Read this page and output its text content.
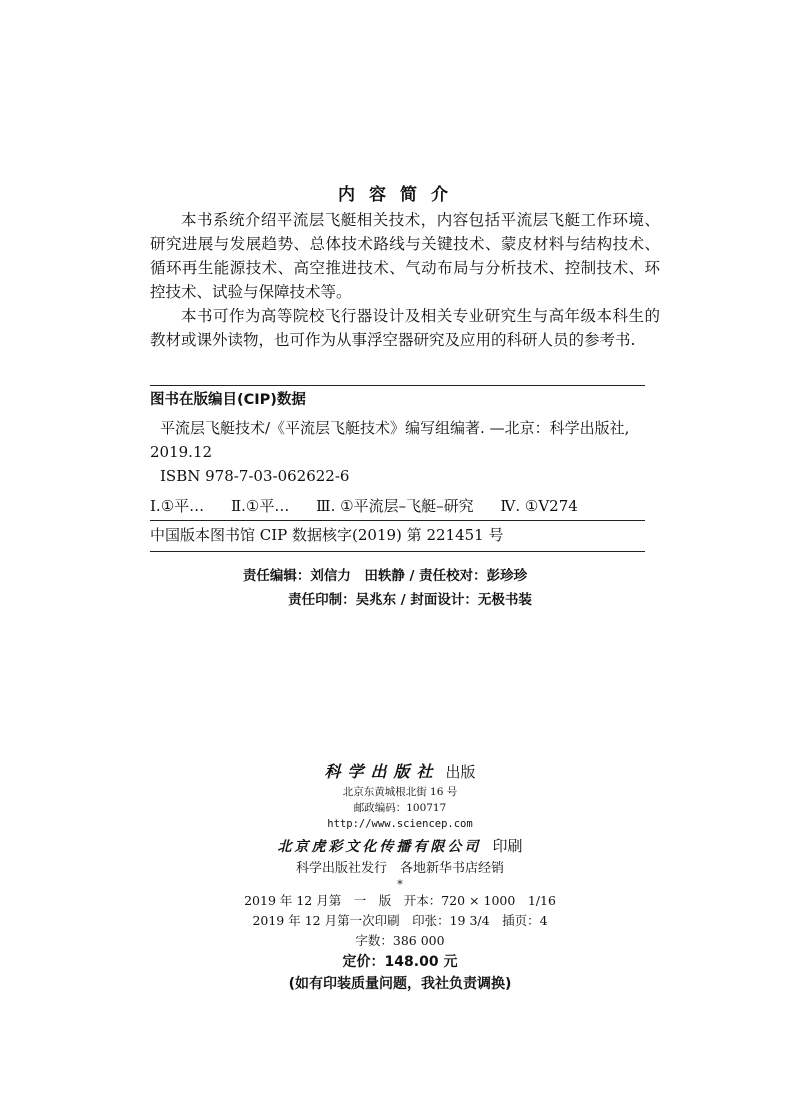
内容简介

本书系统介绍平流层飞艇相关技术，内容包括平流层飞艇工作环境、研究进展与发展趋势、总体技术路线与关键技术、蒙皮材料与结构技术、循环再生能源技术、高空推进技术、气动布局与分析技术、控制技术、环控技术、试验与保障技术等。

本书可作为高等院校飞行器设计及相关专业研究生与高年级本科生的教材或课外读物，也可作为从事浮空器研究及应用的科研人员的参考书.

图书在版编目(CIP)数据
平流层飞艇技术/《平流层飞艇技术》编写组编著. —北京：科学出版社,
2019.12
ISBN 978-7-03-062622-6
Ⅰ.①平… Ⅱ.①平… Ⅲ. ①平流层–飞艇–研究 Ⅳ. ①V274
中国版本图书馆 CIP 数据核字(2019) 第 221451 号
责任编辑：刘信力　田轶静 / 责任校对：彭珍珍
责任印制：吴兆东 / 封面设计：无极书装
科学出版社 出版
北京东黄城根北街 16 号
邮政编码：100717
http://www.sciencep.com
北京虎彩文化传播有限公司 印刷
科学出版社发行　各地新华书店经销
*
2019 年 12 月第　一　版　开本：720 × 1000　1/16
2019 年 12 月第一次印刷　印张：19 3/4　插页：4
字数：386 000
定价：148.00 元
(如有印装质量问题，我社负责调换)
